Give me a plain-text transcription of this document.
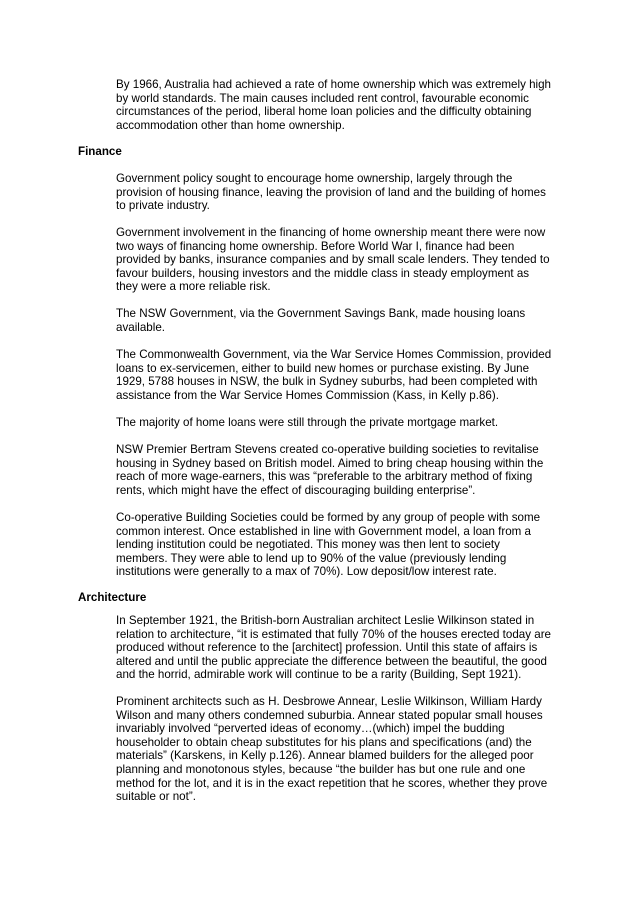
By 1966, Australia had achieved a rate of home ownership which was extremely high
by world standards. The main causes included rent control, favourable economic
circumstances of the period, liberal home loan policies and the difficulty obtaining
accommodation other than home ownership.
Finance
Government policy sought to encourage home ownership, largely through the
provision of housing finance, leaving the provision of land and the building of homes
to private industry.
Government involvement in the financing of home ownership meant there were now
two ways of financing home ownership. Before World War I, finance had been
provided by banks, insurance companies and by small scale lenders. They tended to
favour builders, housing investors and the middle class in steady employment as
they were a more reliable risk.
The NSW Government, via the Government Savings Bank, made housing loans
available.
The Commonwealth Government, via the War Service Homes Commission, provided
loans to ex-servicemen, either to build new homes or purchase existing. By June
1929, 5788 houses in NSW, the bulk in Sydney suburbs, had been completed with
assistance from the War Service Homes Commission (Kass, in Kelly p.86).
The majority of home loans were still through the private mortgage market.
NSW Premier Bertram Stevens created co-operative building societies to revitalise
housing in Sydney based on British model. Aimed to bring cheap housing within the
reach of more wage-earners, this was “preferable to the arbitrary method of fixing
rents, which might have the effect of discouraging building enterprise”.
Co-operative Building Societies could be formed by any group of people with some
common interest. Once established in line with Government model, a loan from a
lending institution could be negotiated. This money was then lent to society
members. They were able to lend up to 90% of the value (previously lending
institutions were generally to a max of 70%). Low deposit/low interest rate.
Architecture
In September 1921, the British-born Australian architect Leslie Wilkinson stated in
relation to architecture, “it is estimated that fully 70% of the houses erected today are
produced without reference to the [architect] profession. Until this state of affairs is
altered and until the public appreciate the difference between the beautiful, the good
and the horrid, admirable work will continue to be a rarity (Building, Sept 1921).
Prominent architects such as H. Desbrowe Annear, Leslie Wilkinson, William Hardy
Wilson and many others condemned suburbia. Annear stated popular small houses
invariably involved “perverted ideas of economy…(which) impel the budding
householder to obtain cheap substitutes for his plans and specifications (and) the
materials” (Karskens, in Kelly p.126). Annear blamed builders for the alleged poor
planning and monotonous styles, because “the builder has but one rule and one
method for the lot, and it is in the exact repetition that he scores, whether they prove
suitable or not”.
